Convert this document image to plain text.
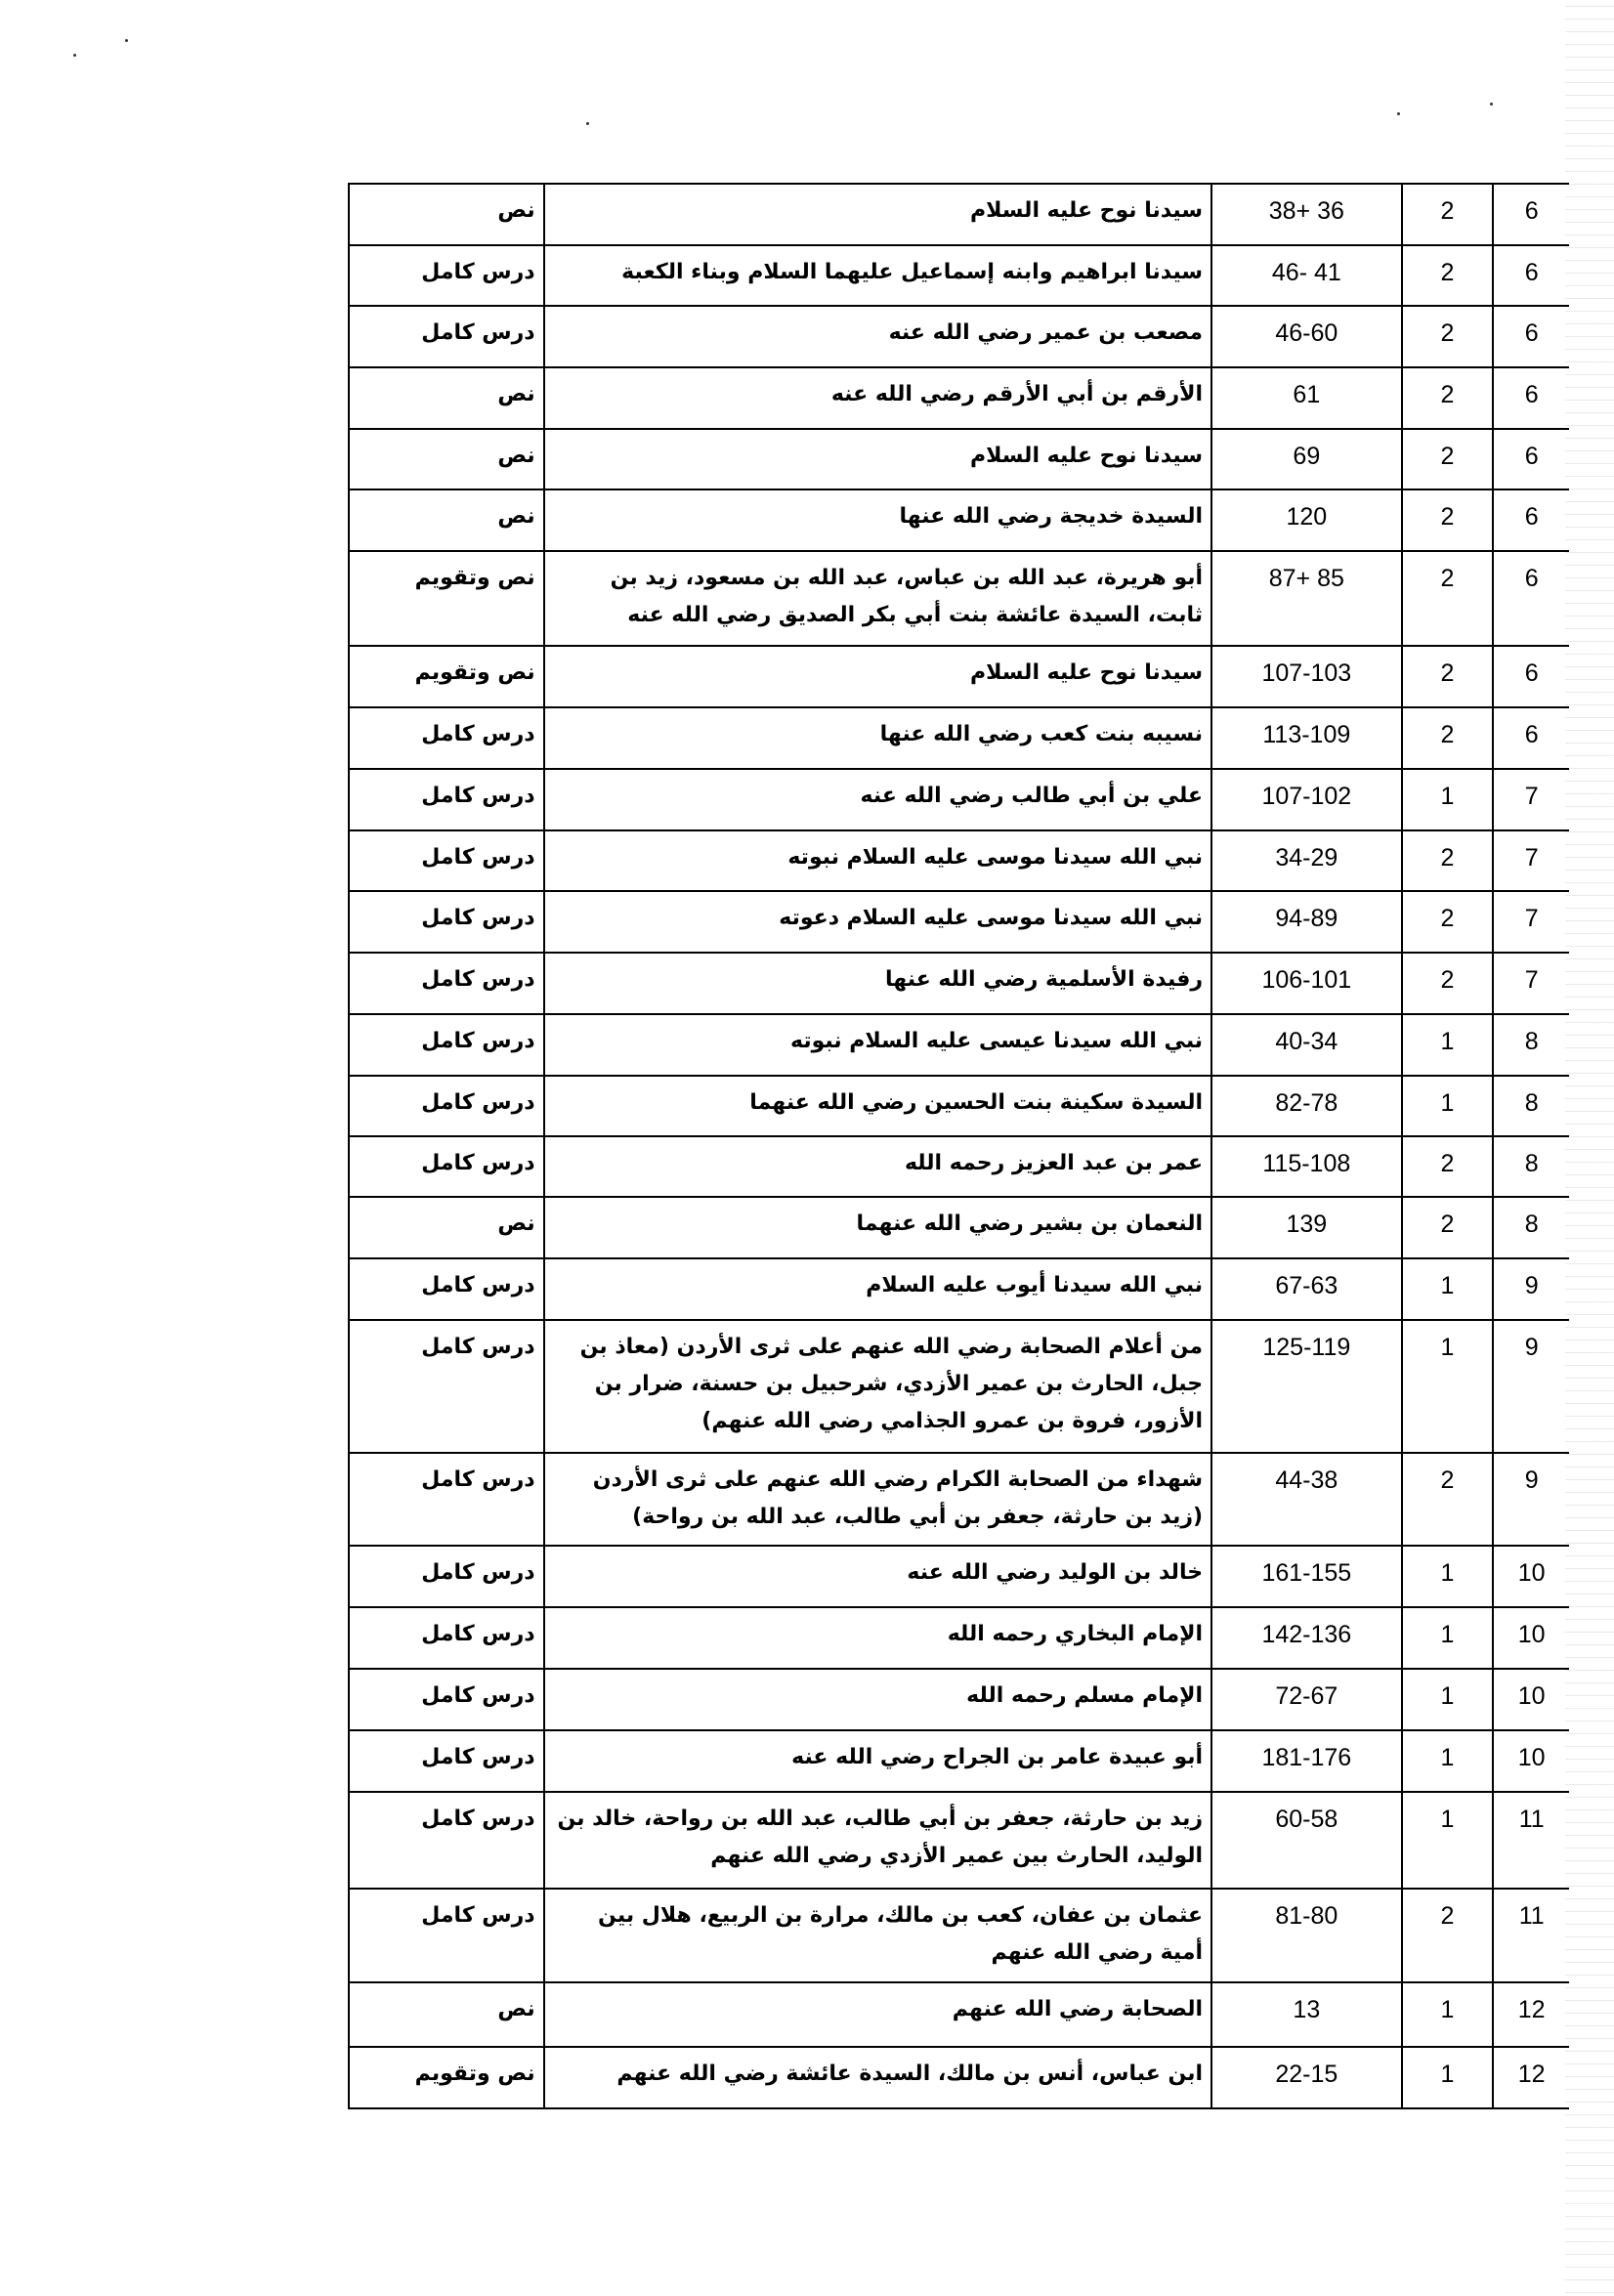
نص	سيدنا نوح عليه السلام	38+ 36	2	6
درس كامل	سيدنا ابراهيم وابنه إسماعيل عليهما السلام وبناء الكعبة	46- 41	2	6
درس كامل	مصعب بن عمير رضي الله عنه	46-60	2	6
نص	الأرقم بن أبي الأرقم رضي الله عنه	61	2	6
نص	سيدنا نوح عليه السلام	69	2	6
نص	السيدة خديجة رضي الله عنها	120	2	6
نص وتقويم	أبو هريرة، عبد الله بن عباس، عبد الله بن مسعود، زيد بن ثابت، السيدة عائشة بنت أبي بكر الصديق رضي الله عنه	87+ 85	2	6
نص وتقويم	سيدنا نوح عليه السلام	107-103	2	6
درس كامل	نسيبه بنت كعب رضي الله عنها	113-109	2	6
درس كامل	علي بن أبي طالب رضي الله عنه	107-102	1	7
درس كامل	نبي الله سيدنا موسى عليه السلام نبوته	34-29	2	7
درس كامل	نبي الله سيدنا موسى عليه السلام دعوته	94-89	2	7
درس كامل	رفيدة الأسلمية رضي الله عنها	106-101	2	7
درس كامل	نبي الله سيدنا عيسى عليه السلام نبوته	40-34	1	8
درس كامل	السيدة سكينة بنت الحسين رضي الله عنهما	82-78	1	8
درس كامل	عمر بن عبد العزيز رحمه الله	115-108	2	8
نص	النعمان بن بشير رضي الله عنهما	139	2	8
درس كامل	نبي الله سيدنا أيوب عليه السلام	67-63	1	9
درس كامل	من أعلام الصحابة رضي الله عنهم على ثرى الأردن (معاذ بن جبل، الحارث بن عمير الأزدي، شرحبيل بن حسنة، ضرار بن الأزور، فروة بن عمرو الجذامي رضي الله عنهم)	125-119	1	9
درس كامل	شهداء من الصحابة الكرام رضي الله عنهم على ثرى الأردن (زيد بن حارثة، جعفر بن أبي طالب، عبد الله بن رواحة)	44-38	2	9
درس كامل	خالد بن الوليد رضي الله عنه	161-155	1	10
درس كامل	الإمام البخاري رحمه الله	142-136	1	10
درس كامل	الإمام مسلم رحمه الله	72-67	1	10
درس كامل	أبو عبيدة عامر بن الجراح رضي الله عنه	181-176	1	10
درس كامل	زيد بن حارثة، جعفر بن أبي طالب، عبد الله بن رواحة، خالد بن الوليد، الحارث بين عمير الأزدي رضي الله عنهم	60-58	1	11
درس كامل	عثمان بن عفان، كعب بن مالك، مرارة بن الربيع، هلال بين أمية رضي الله عنهم	81-80	2	11
نص	الصحابة رضي الله عنهم	13	1	12
نص وتقويم	ابن عباس، أنس بن مالك، السيدة عائشة رضي الله عنهم	22-15	1	12
